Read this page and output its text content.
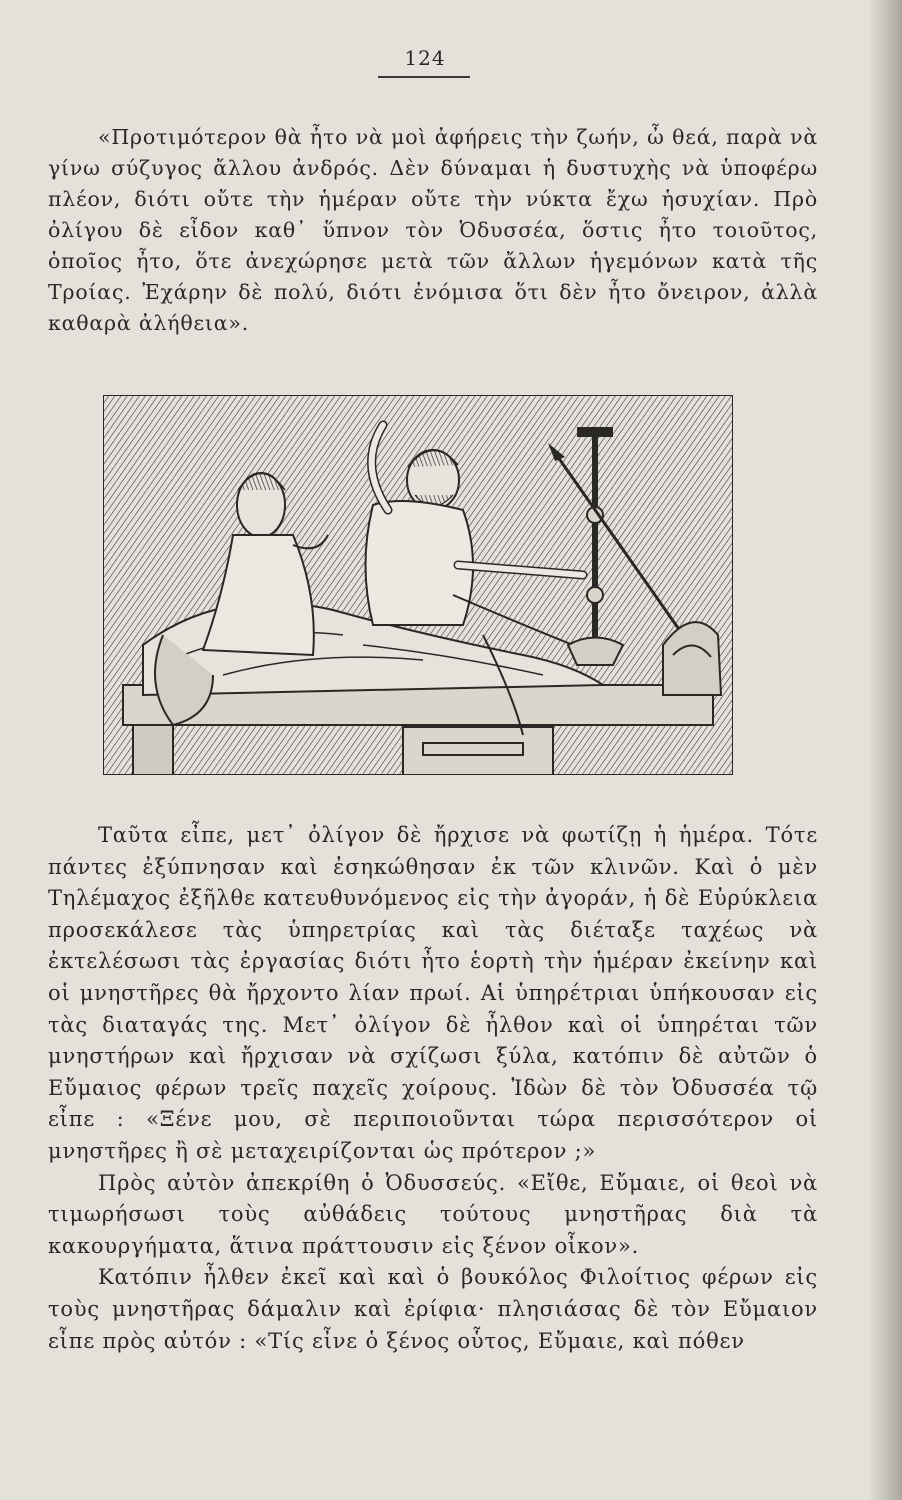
124

«Προτιμότερον θὰ ἦτο νὰ μοὶ ἀφήρεις τὴν ζωήν, ὦ θεά, παρὰ νὰ γίνω σύζυγος ἄλλου ἀνδρός. Δὲν δύναμαι ἡ δυστυχὴς νὰ ὑποφέρω πλέον, διότι οὔτε τὴν ἡμέραν οὔτε τὴν νύκτα ἔχω ἡσυχίαν. Πρὸ ὀλίγου δὲ εἶδον καθ᾿ ὕπνον τὸν Ὀδυσσέα, ὅστις ἦτο τοιοῦτος, ὁποῖος ἦτο, ὅτε ἀνεχώρησε μετὰ τῶν ἄλλων ἡγεμόνων κατὰ τῆς Τροίας. Ἐχάρην δὲ πολύ, διότι ἐνόμισα ὅτι δὲν ἦτο ὄνειρον, ἀλλὰ καθαρὰ ἀλήθεια».

Ταῦτα εἶπε, μετ᾿ ὀλίγον δὲ ἤρχισε νὰ φωτίζῃ ἡ ἡμέρα. Τότε πάντες ἐξύπνησαν καὶ ἐσηκώθησαν ἐκ τῶν κλινῶν. Καὶ ὁ μὲν Τηλέμαχος ἐξῆλθε κατευθυνόμενος εἰς τὴν ἀγοράν, ἡ δὲ Εὐρύκλεια προσεκάλεσε τὰς ὑπηρετρίας καὶ τὰς διέταξε ταχέως νὰ ἐκτελέσωσι τὰς ἐργασίας διότι ἦτο ἑορτὴ τὴν ἡμέραν ἐκείνην καὶ οἱ μνηστῆρες θὰ ἤρχοντο λίαν πρωί. Αἱ ὑπηρέτριαι ὑπήκουσαν εἰς τὰς διαταγάς της. Μετ᾿ ὀλίγον δὲ ἦλθον καὶ οἱ ὑπηρέται τῶν μνηστήρων καὶ ἤρχισαν νὰ σχίζωσι ξύλα, κατόπιν δὲ αὐτῶν ὁ Εὔμαιος φέρων τρεῖς παχεῖς χοίρους. Ἰδὼν δὲ τὸν Ὀδυσσέα τῷ εἶπε : «Ξένε μου, σὲ περιποιοῦνται τώρα περισσότερον οἱ μνηστῆρες ἢ σὲ μεταχειρίζονται ὡς πρότερον ;»

Πρὸς αὐτὸν ἀπεκρίθη ὁ Ὀδυσσεύς. «Εἴθε, Εὔμαιε, οἱ θεοὶ νὰ τιμωρήσωσι τοὺς αὐθάδεις τούτους μνηστῆρας διὰ τὰ κακουργήματα, ἅτινα πράττουσιν εἰς ξένον οἶκον».

Κατόπιν ἦλθεν ἐκεῖ καὶ καὶ ὁ βουκόλος Φιλοίτιος φέρων εἰς τοὺς μνηστῆρας δάμαλιν καὶ ἐρίφια· πλησιάσας δὲ τὸν Εὔμαιον εἶπε πρὸς αὐτόν : «Τίς εἶνε ὁ ξένος οὗτος, Εὔμαιε, καὶ πόθεν
